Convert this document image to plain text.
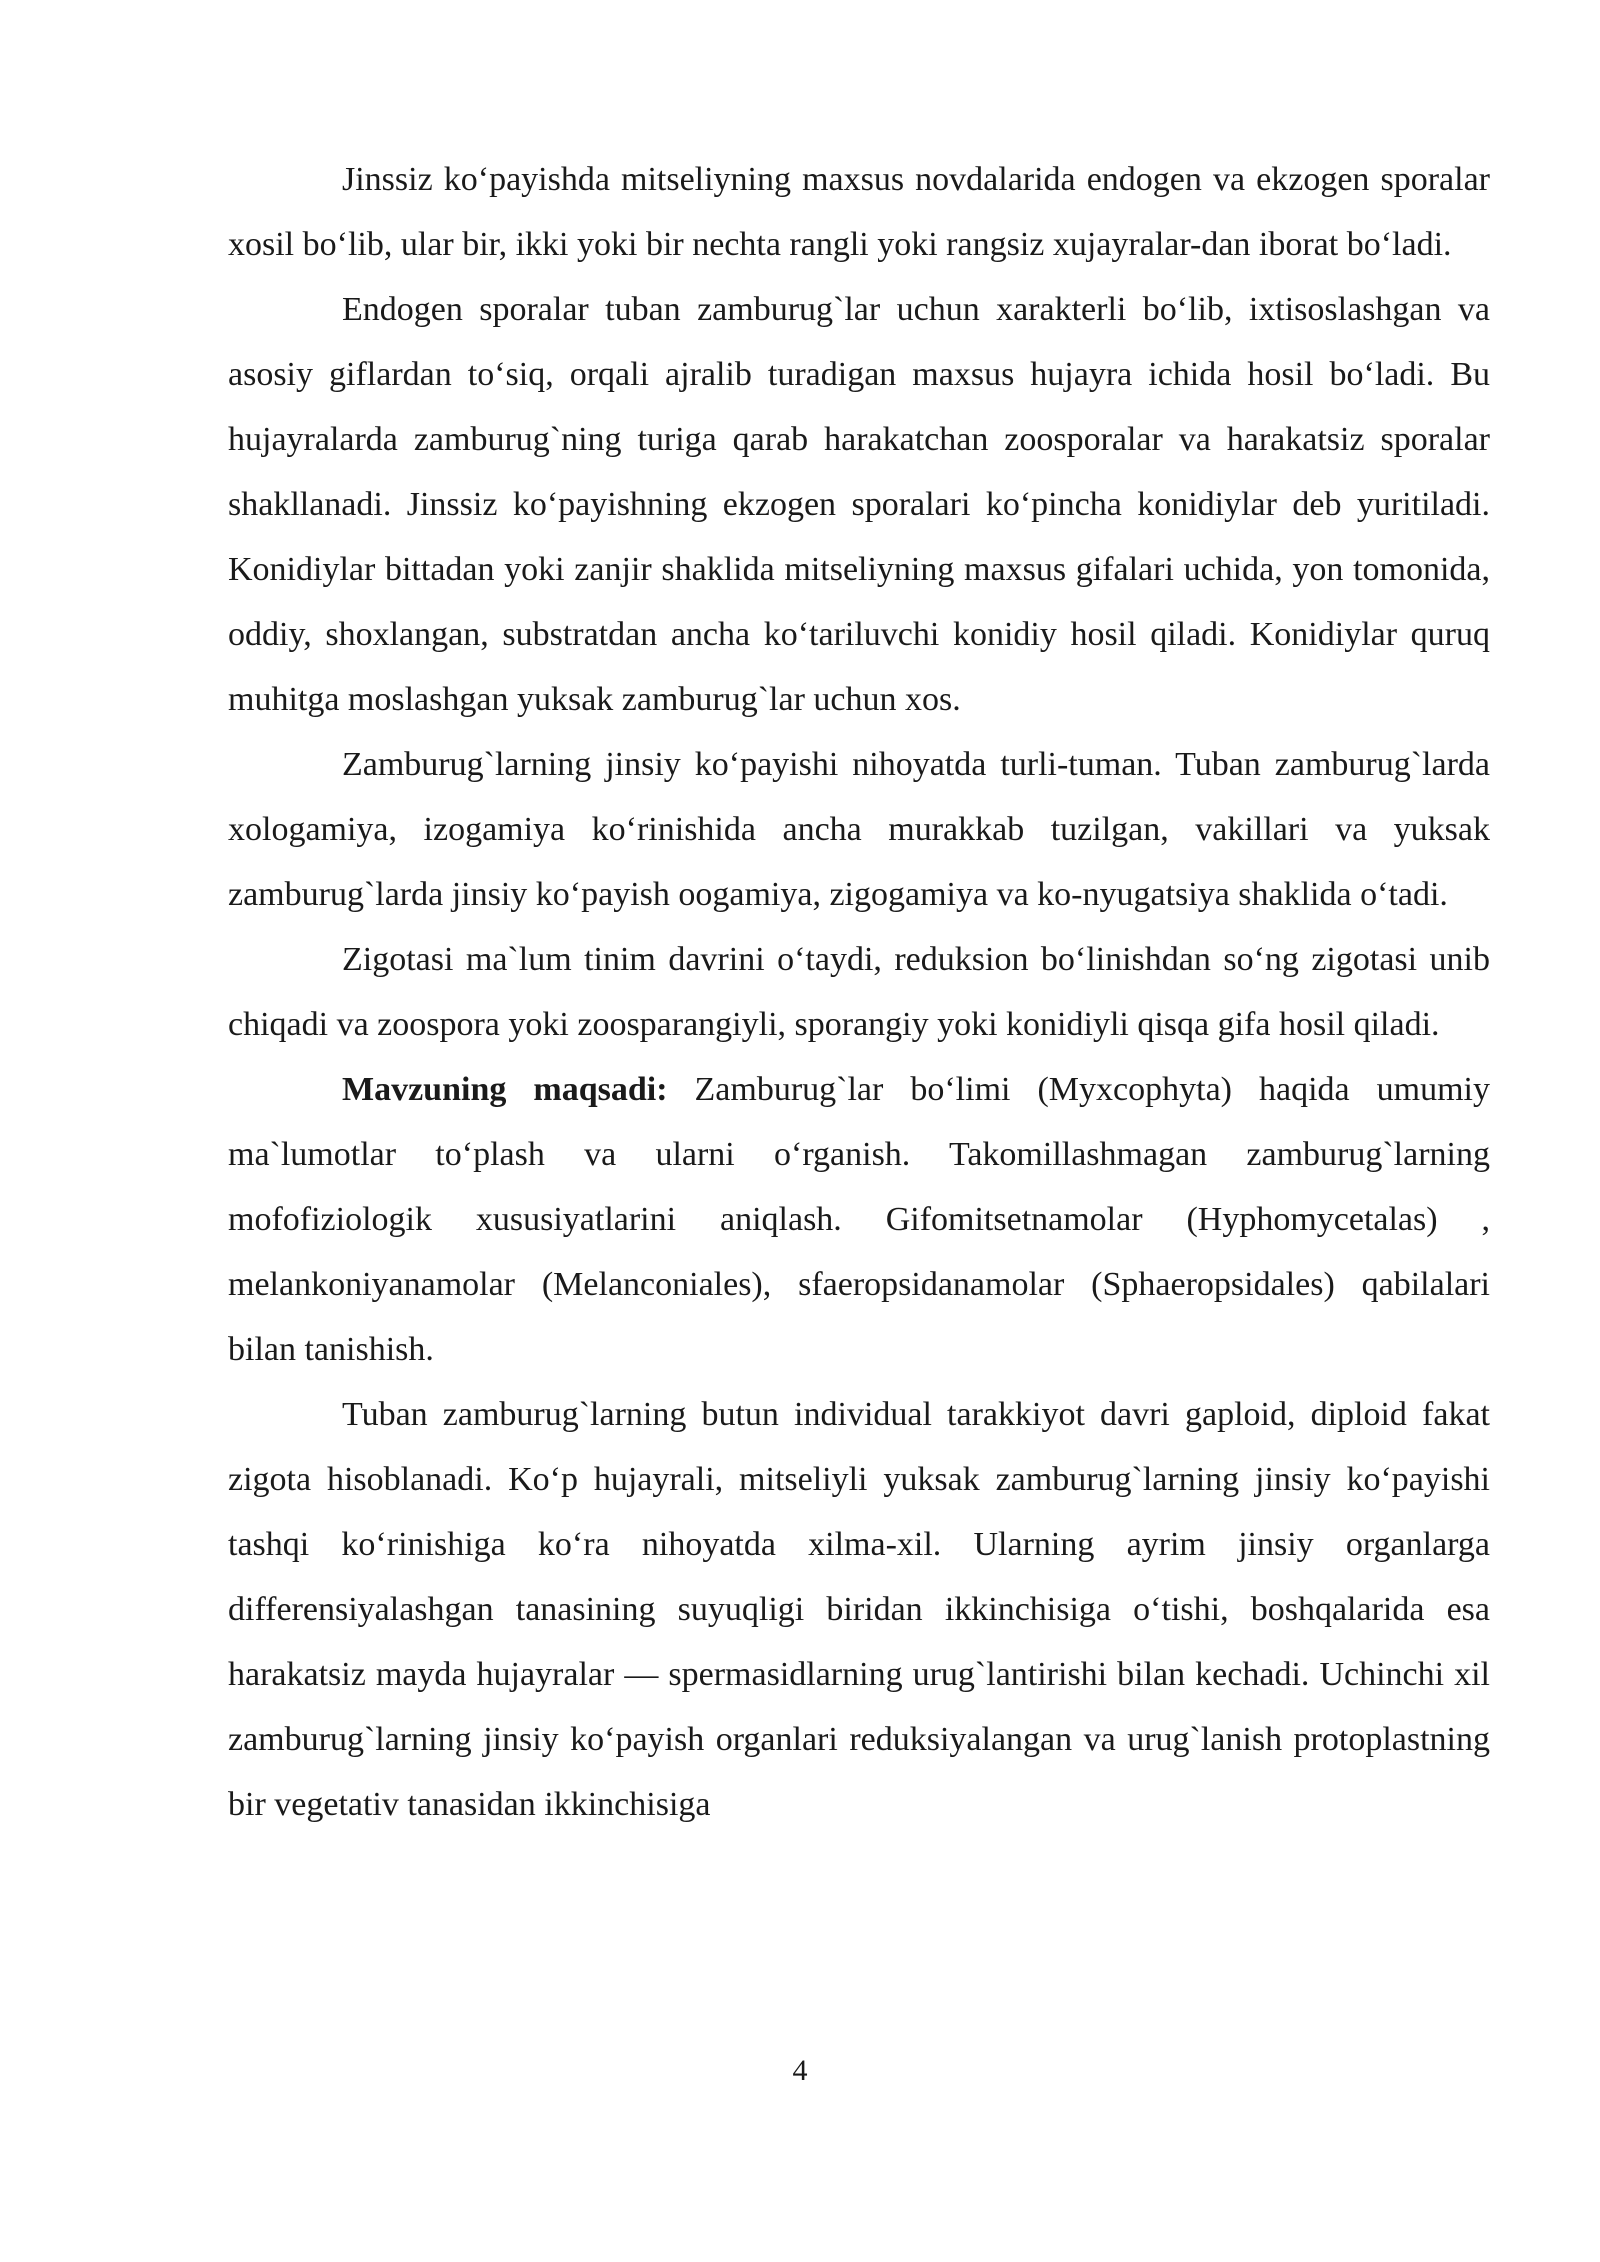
Jinssiz ko‘payishda mitseliyning maxsus novdalarida endogen va ekzogen sporalar xosil bo‘lib, ular bir, ikki yoki bir nechta rangli yoki rangsiz xujayralar-dan iborat bo‘ladi.

Endogen sporalar tuban zamburug`lar uchun xarakterli bo‘lib, ixtisoslashgan va asosiy giflardan to‘siq, orqali ajralib turadigan maxsus hujayra ichida hosil bo‘ladi. Bu hujayralarda zamburug`ning turiga qarab harakatchan zoosporalar va harakatsiz sporalar shakllanadi. Jinssiz ko‘payishning ekzogen sporalari ko‘pincha konidiylar deb yuritiladi. Konidiylar bittadan yoki zanjir shaklida mitseliyning maxsus gifalari uchida, yon tomonida, oddiy, shoxlangan, substratdan ancha ko‘tariluvchi konidiy hosil qiladi. Konidiylar quruq muhitga moslashgan yuksak zamburug`lar uchun xos.

Zamburug`larning jinsiy ko‘payishi nihoyatda turli-tuman. Tuban zamburug`larda xologamiya, izogamiya ko‘rinishida ancha murakkab tuzilgan, vakillari va yuksak zamburug`larda jinsiy ko‘payish oogamiya, zigogamiya va ko-nyugatsiya shaklida o‘tadi.

Zigotasi ma`lum tinim davrini o‘taydi, reduksion bo‘linishdan so‘ng zigotasi unib chiqadi va zoospora yoki zoosparangiyli, sporangiy yoki konidiyli qisqa gifa hosil qiladi.

Mavzuning maqsadi: Zamburug`lar bo‘limi (Myxcophyta) haqida umumiy ma`lumotlar to‘plash va ularni o‘rganish. Takomillashmagan zamburug`larning mofofiziologik xususiyatlarini aniqlash. Gifomitsetnamolar (Hyphomycetalas) , melankoniyanamolar (Melanconiales), sfaeropsidanamolar (Sphaeropsidales) qabilalari bilan tanishish.

Tuban zamburug`larning butun individual tarakkiyot davri gaploid, diploid fakat zigota hisoblanadi. Ko‘p hujayrali, mitseliyli yuksak zamburug`larning jinsiy ko‘payishi tashqi ko‘rinishiga ko‘ra nihoyatda xilma-xil. Ularning ayrim jinsiy organlarga differensiyalashgan tanasining suyuqligi biridan ikkinchisiga o‘tishi, boshqalarida esa harakatsiz mayda hujayralar — spermasidlarning urug`lantirishi bilan kechadi. Uchinchi xil zamburug`larning jinsiy ko‘payish organlari reduksiyalangan va urug`lanish protoplastning bir vegetativ tanasidan ikkinchisiga

4
